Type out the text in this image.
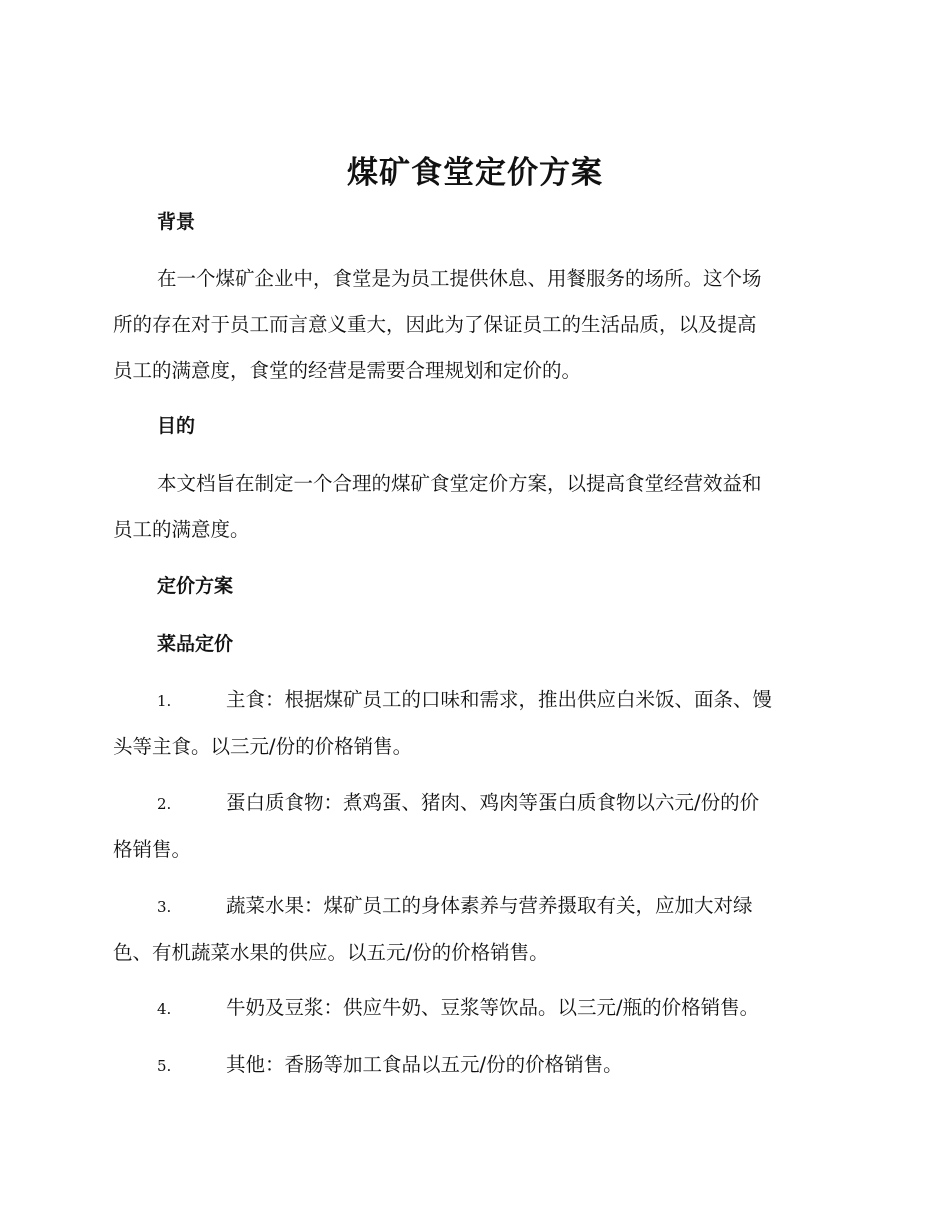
煤矿食堂定价方案
背景
在一个煤矿企业中，食堂是为员工提供休息、用餐服务的场所。这个场
所的存在对于员工而言意义重大，因此为了保证员工的生活品质，以及提高
员工的满意度，食堂的经营是需要合理规划和定价的。
目的
本文档旨在制定一个合理的煤矿食堂定价方案，以提高食堂经营效益和
员工的满意度。
定价方案
菜品定价
1.	主食：根据煤矿员工的口味和需求，推出供应白米饭、面条、馒
头等主食。以三元/份的价格销售。
2.	蛋白质食物：煮鸡蛋、猪肉、鸡肉等蛋白质食物以六元/份的价
格销售。
3.	蔬菜水果：煤矿员工的身体素养与营养摄取有关，应加大对绿
色、有机蔬菜水果的供应。以五元/份的价格销售。
4.	牛奶及豆浆：供应牛奶、豆浆等饮品。以三元/瓶的价格销售。
5.	其他：香肠等加工食品以五元/份的价格销售。
